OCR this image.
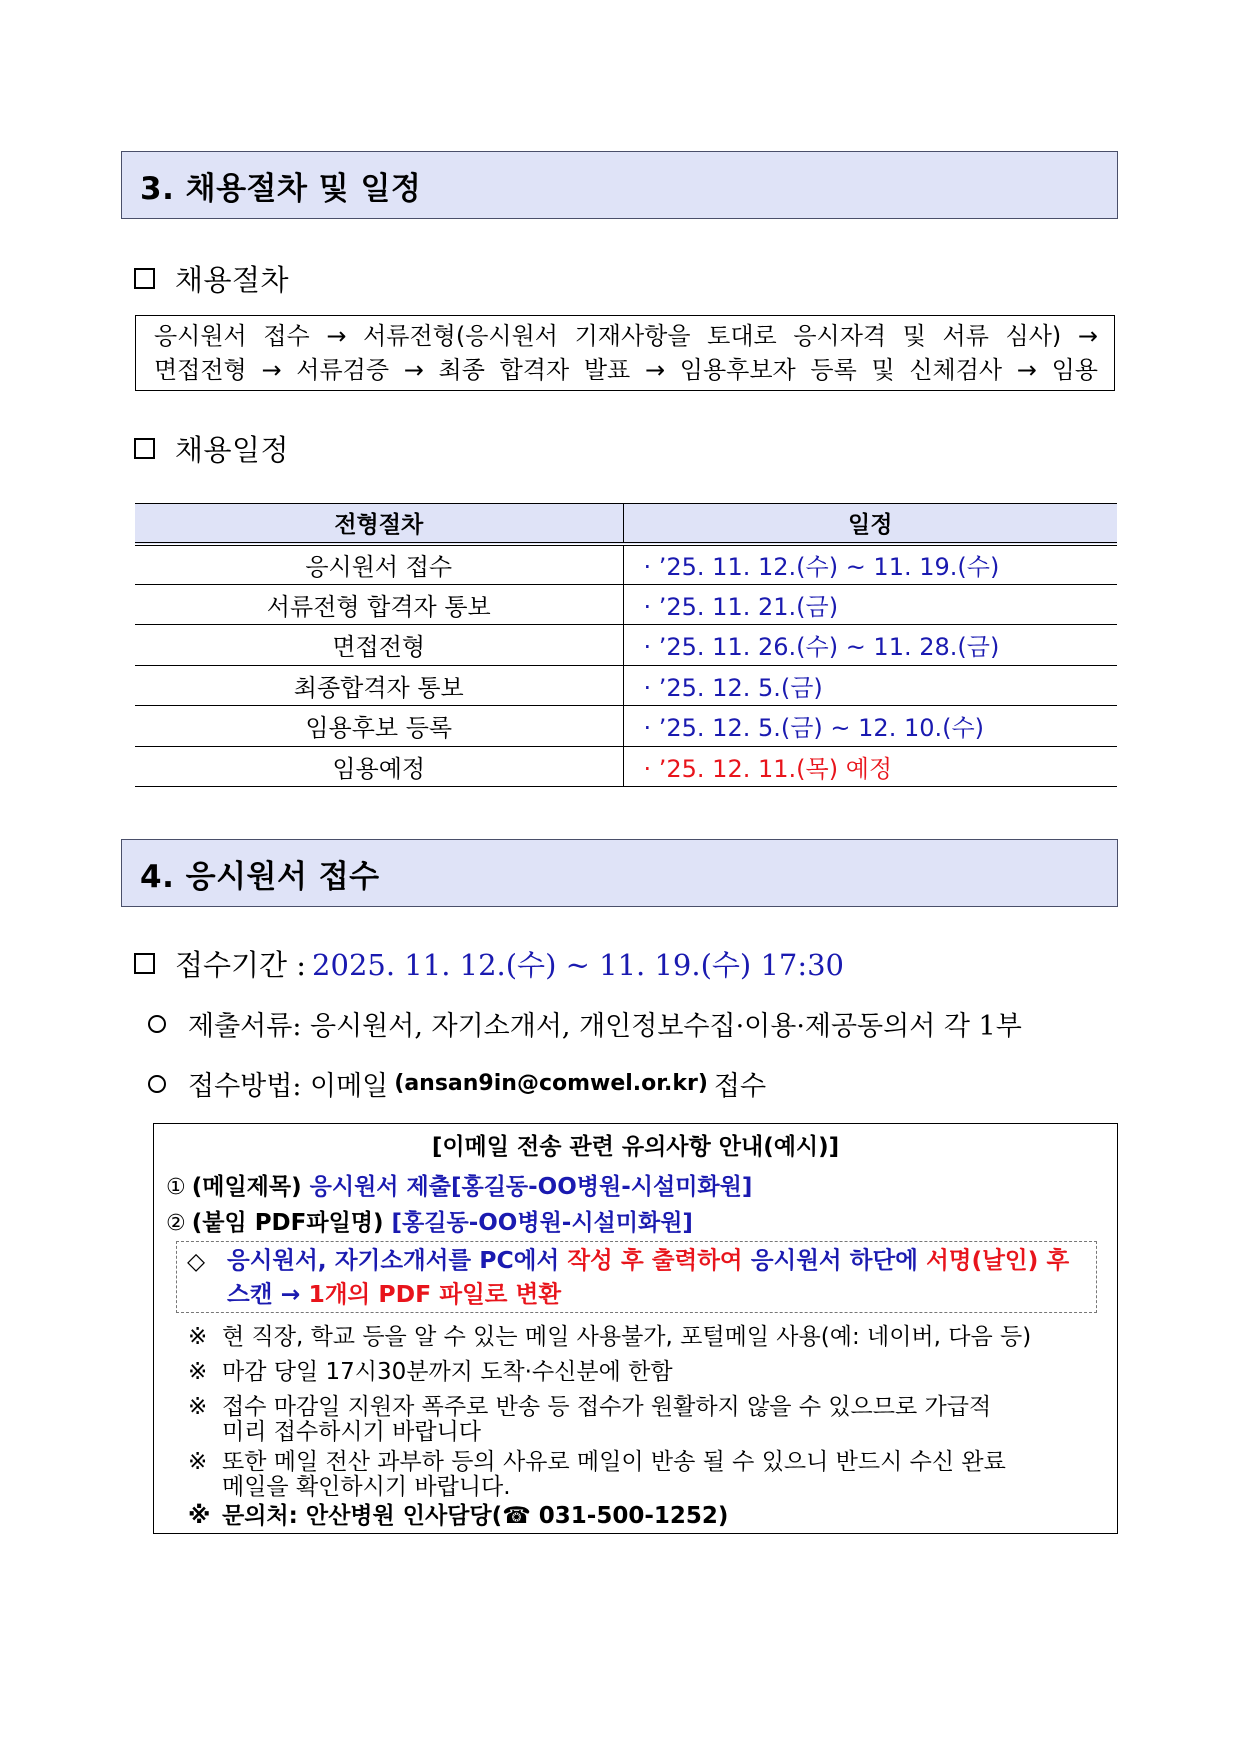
3. 채용절차 및 일정
채용절차
응시원서 접수 → 서류전형(응시원서 기재사항을 토대로 응시자격 및 서류 심사) →
면접전형 → 서류검증 → 최종 합격자 발표 → 임용후보자 등록 및 신체검사 → 임용
채용일정
전형절차	일정
응시원서 접수	· ’25. 11. 12.(수) ~ 11. 19.(수)
서류전형 합격자 통보	· ’25. 11. 21.(금)
면접전형	· ’25. 11. 26.(수) ~ 11. 28.(금)
최종합격자 통보	· ’25. 12. 5.(금)
임용후보 등록	· ’25. 12. 5.(금) ~ 12. 10.(수)
임용예정	· ’25. 12. 11.(목) 예정
4. 응시원서 접수
접수기간 : 2025. 11. 12.(수) ~ 11. 19.(수) 17:30
제출서류: 응시원서, 자기소개서, 개인정보수집·이용·제공동의서 각 1부
접수방법: 이메일 (ansan9in@comwel.or.kr) 접수
[이메일 전송 관련 유의사항 안내(예시)]
① (메일제목) 응시원서 제출[홍길동-OO병원-시설미화원]
② (붙임 PDF파일명) [홍길동-OO병원-시설미화원]
◇ 응시원서, 자기소개서를 PC에서 작성 후 출력하여 응시원서 하단에 서명(날인) 후
스캔 → 1개의 PDF 파일로 변환
※ 현 직장, 학교 등을 알 수 있는 메일 사용불가, 포털메일 사용(예: 네이버, 다음 등)
※ 마감 당일 17시30분까지 도착·수신분에 한함
※ 접수 마감일 지원자 폭주로 반송 등 접수가 원활하지 않을 수 있으므로 가급적
미리 접수하시기 바랍니다
※ 또한 메일 전산 과부하 등의 사유로 메일이 반송 될 수 있으니 반드시 수신 완료
메일을 확인하시기 바랍니다.
※ 문의처: 안산병원 인사담당(☎ 031-500-1252)
